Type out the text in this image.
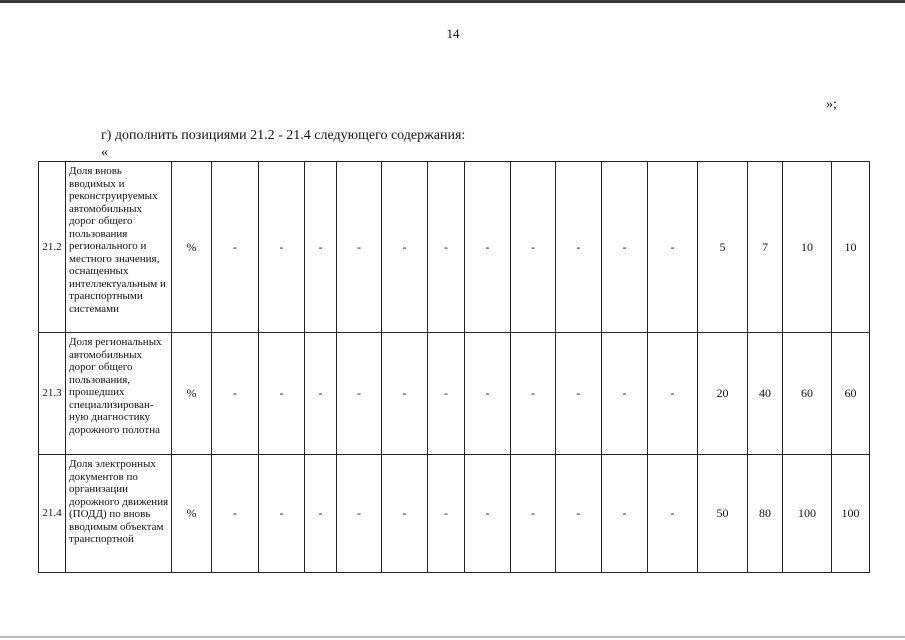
14
»;
г) дополнить позициями 21.2 - 21.4 следующего содержания:
«
21.2	Доля вновь вводимых и реконструируемых автомобильных дорог общего пользования регионального и местного значения, оснащенных интеллектуальным и транспортными системами	%	-	-	-	-	-	-	-	-	-	-	-	5	7	10	10
21.3	Доля региональных автомобильных дорог общего пользования, прошедших специализирован-ную диагностику дорожного полотна	%	-	-	-	-	-	-	-	-	-	-	-	20	40	60	60
21.4	Доля электронных документов по организации дорожного движения (ПОДД) по вновь вводимым объектам транспортной	%	-	-	-	-	-	-	-	-	-	-	-	50	80	100	100
